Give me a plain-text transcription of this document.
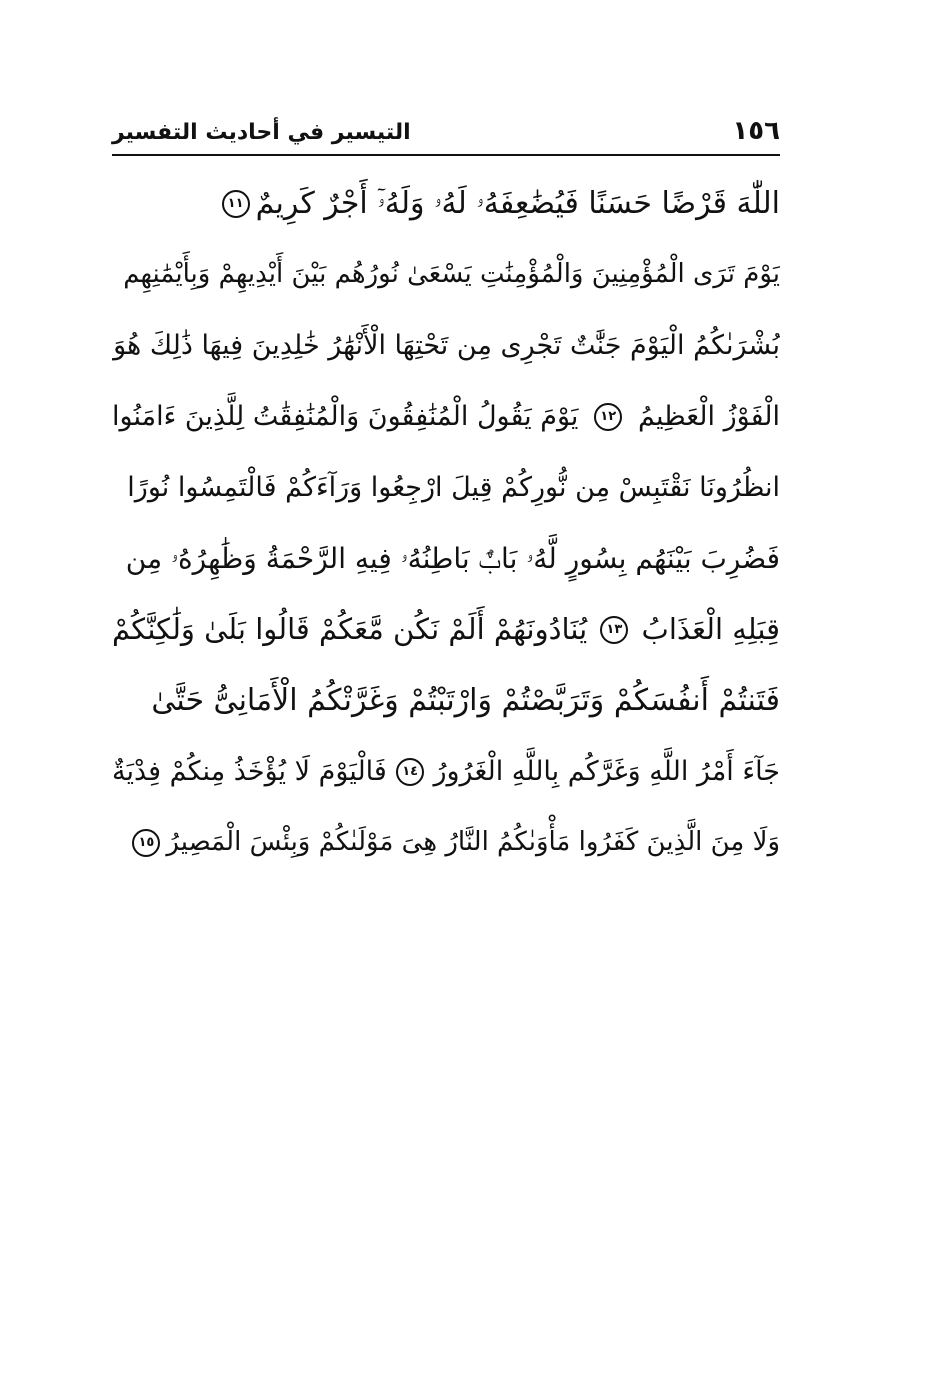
١٥٦
التيسير في أحاديث التفسير
اللّٰهَ قَرْضًا حَسَنًا فَيُضَٰعِفَهُۥ لَهُۥ وَلَهُۥٓ أَجْرٌ كَرِيمٌ
١١
يَوْمَ تَرَى الْمُؤْمِنِينَ وَالْمُؤْمِنَٰتِ يَسْعَىٰ نُورُهُم بَيْنَ أَيْدِيهِمْ وَبِأَيْمَٰنِهِم
بُشْرَىٰكُمُ الْيَوْمَ جَنَّٰتٌ تَجْرِى مِن تَحْتِهَا الْأَنْهَٰرُ خَٰلِدِينَ فِيهَا ذَٰلِكَ هُوَ
الْفَوْزُ الْعَظِيمُ
١٢
يَوْمَ يَقُولُ الْمُنَٰفِقُونَ وَالْمُنَٰفِقَٰتُ لِلَّذِينَ ءَامَنُوا
انظُرُونَا نَقْتَبِسْ مِن نُّورِكُمْ قِيلَ ارْجِعُوا وَرَآءَكُمْ فَالْتَمِسُوا نُورًا
فَضُرِبَ بَيْنَهُم بِسُورٍ لَّهُۥ بَابٌۢ بَاطِنُهُۥ فِيهِ الرَّحْمَةُ وَظَٰهِرُهُۥ مِن
قِبَلِهِ الْعَذَابُ
١٣
يُنَادُونَهُمْ أَلَمْ نَكُن مَّعَكُمْ قَالُوا بَلَىٰ وَلَٰكِنَّكُمْ
فَتَنتُمْ أَنفُسَكُمْ وَتَرَبَّصْتُمْ وَارْتَبْتُمْ وَغَرَّتْكُمُ الْأَمَانِىُّ حَتَّىٰ
جَآءَ أَمْرُ اللَّهِ وَغَرَّكُم بِاللَّهِ الْغَرُورُ
١٤
فَالْيَوْمَ لَا يُؤْخَذُ مِنكُمْ فِدْيَةٌ
وَلَا مِنَ الَّذِينَ كَفَرُوا مَأْوَىٰكُمُ النَّارُ هِىَ مَوْلَىٰكُمْ وَبِئْسَ الْمَصِيرُ
١٥
